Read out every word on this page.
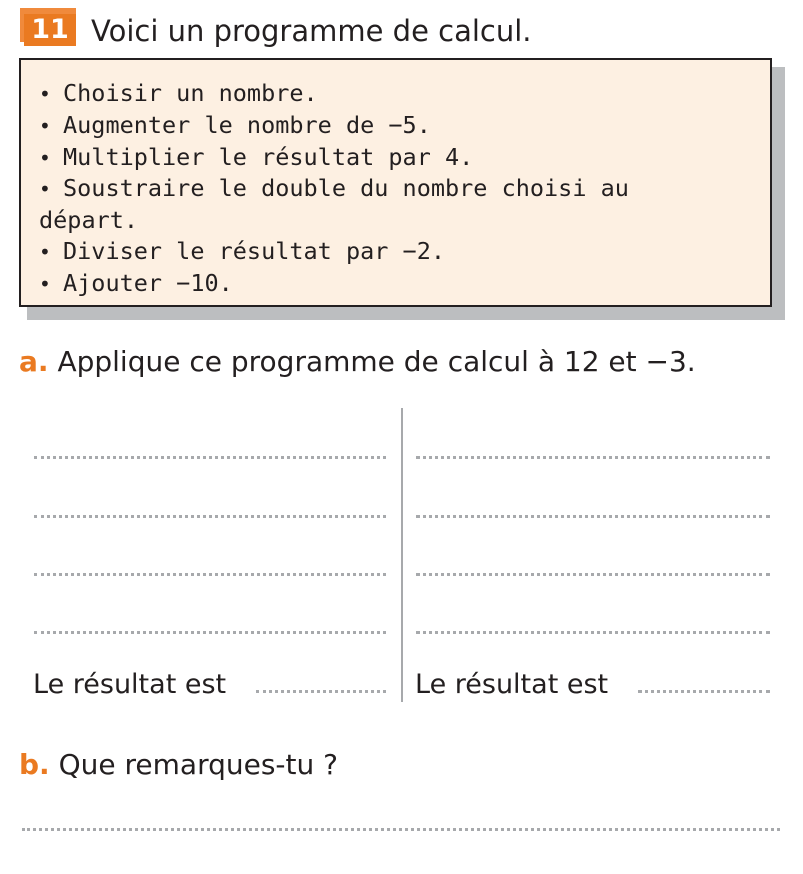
11 Voici un programme de calcul.
• Choisir un nombre.
• Augmenter le nombre de −5.
• Multiplier le résultat par 4.
• Soustraire le double du nombre choisi au départ.
• Diviser le résultat par −2.
• Ajouter −10.
a. Applique ce programme de calcul à 12 et −3.
Le résultat est	Le résultat est
b. Que remarques-tu ?
